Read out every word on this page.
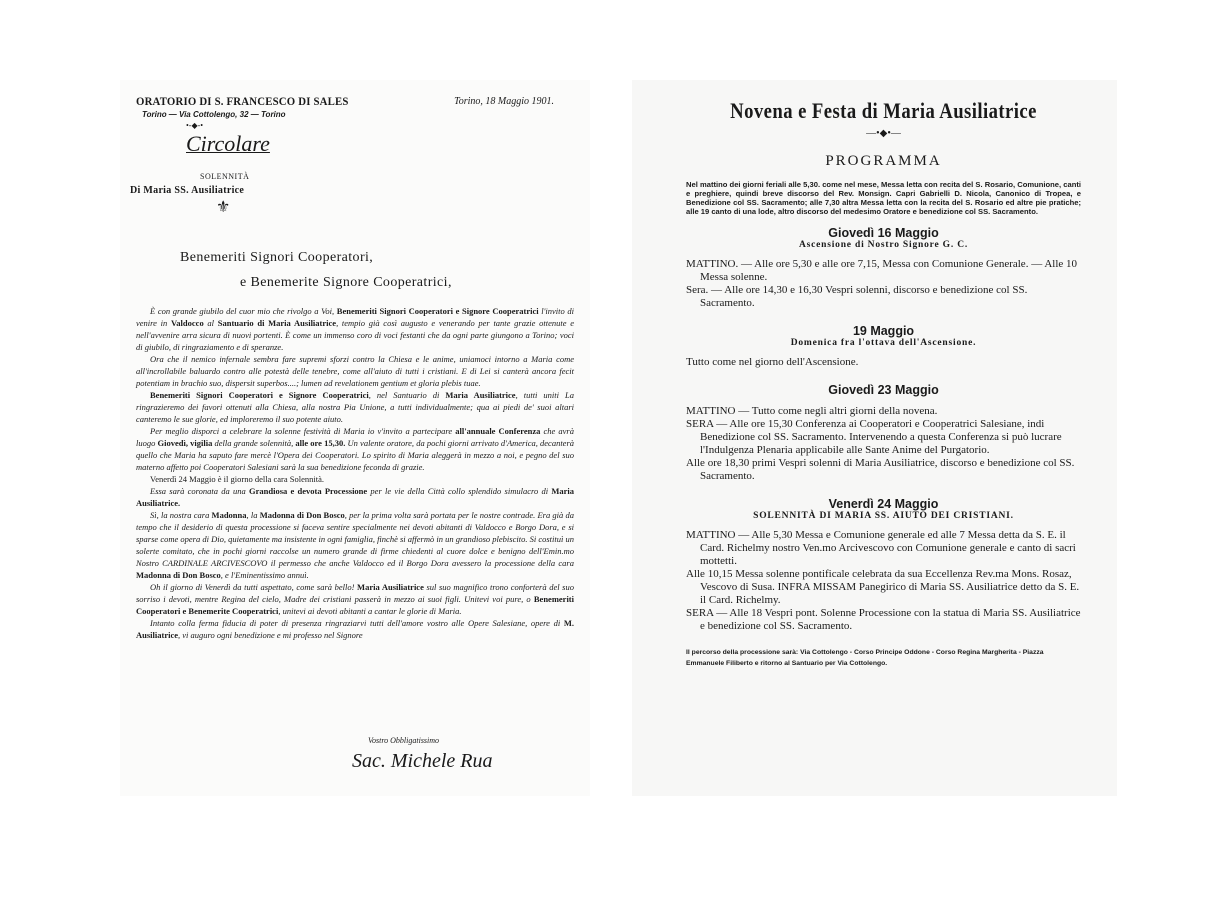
ORATORIO DI S. FRANCESCO DI SALES
Torino — Via Cottolengo, 32 — Torino
Torino, 18 Maggio 1901.
•-◆-•
Circolare
SOLENNITÀ
Di Maria SS. Ausiliatrice
⚜
Benemeriti Signori Cooperatori,
e Benemerite Signore Cooperatrici,

È con grande giubilo del cuor mio che rivolgo a Voi, Benemeriti Signori Cooperatori e Signore Cooperatrici l'invito di venire in Valdocco al Santuario di Maria Ausiliatrice, tempio già così augusto e venerando per tante grazie ottenute e nell'avvenire arra sicura di nuovi portenti. È come un immenso coro di voci festanti che da ogni parte giungono a Torino; voci di giubilo, di ringraziamento e di speranze.

Ora che il nemico infernale sembra fare supremi sforzi contro la Chiesa e le anime, uniamoci intorno a Maria come all'incrollabile baluardo contro alle potestà delle tenebre, come all'aiuto di tutti i cristiani. E di Lei si canterà ancora fecit potentiam in brachio suo, dispersit superbos....; lumen ad revelationem gentium et gloria plebis tuae.

Benemeriti Signori Cooperatori e Signore Cooperatrici, nel Santuario di Maria Ausiliatrice, tutti uniti La ringrazieremo dei favori ottenuti alla Chiesa, alla nostra Pia Unione, a tutti individualmente; qua ai piedi de' suoi altari canteremo le sue glorie, ed imploreremo il suo potente aiuto.

Per meglio disporci a celebrare la solenne festività di Maria io v'invito a partecipare all'annuale Conferenza che avrà luogo Giovedì, vigilia della grande solennità, alle ore 15,30. Un valente oratore, da pochi giorni arrivato d'America, decanterà quello che Maria ha saputo fare mercè l'Opera dei Cooperatori. Lo spirito di Maria aleggerà in mezzo a noi, e pegno del suo materno affetto poi Cooperatori Salesiani sarà la sua benedizione feconda di grazie.

Venerdì 24 Maggio è il giorno della cara Solennità.

Essa sarà coronata da una Grandiosa e devota Processione per le vie della Città collo splendido simulacro di Maria Ausiliatrice.

Sì, la nostra cara Madonna, la Madonna di Don Bosco, per la prima volta sarà portata per le nostre contrade. Era già da tempo che il desiderio di questa processione si faceva sentire specialmente nei devoti abitanti di Valdocco e Borgo Dora, e si sparse come opera di Dio, quietamente ma insistente in ogni famiglia, finchè si affermò in un grandioso plebiscito. Si costituì un solerte comitato, che in pochi giorni raccolse un numero grande di firme chiedenti al cuore dolce e benigno dell'Emin.mo Nostro CARDINALE ARCIVESCOVO il permesso che anche Valdocco ed il Borgo Dora avessero la processione della cara Madonna di Don Bosco, e l'Eminentissimo annuì.

Oh il giorno di Venerdì da tutti aspettato, come sarà bello! Maria Ausiliatrice sul suo magnifico trono conforterà del suo sorriso i devoti, mentre Regina del cielo, Madre dei cristiani passerà in mezzo ai suoi figli. Unitevi voi pure, o Benemeriti Cooperatori e Benemerite Cooperatrici, unitevi ai devoti abitanti a cantar le glorie di Maria.

Intanto colla ferma fiducia di poter di presenza ringraziarvi tutti dell'amore vostro alle Opere Salesiane, opere di M. Ausiliatrice, vi auguro ogni benedizione e mi professo nel Signore

Vostro Obbligatissimo
Sac. Michele Rua
Novena e Festa di Maria Ausiliatrice
—•◆•—
PROGRAMMA
Nel mattino dei giorni feriali alle 5,30. come nel mese, Messa letta con recita del S. Rosario, Comunione, canti e preghiere, quindi breve discorso del Rev. Monsign. Capri Gabrielli D. Nicola, Canonico di Tropea, e Benedizione col SS. Sacramento; alle 7,30 altra Messa letta con la recita del S. Rosario ed altre pie pratiche; alle 19 canto di una lode, altro discorso del medesimo Oratore e benedizione col SS. Sacramento.
Giovedì 16 Maggio
Ascensione di Nostro Signore G. C.

MATTINO. — Alle ore 5,30 e alle ore 7,15, Messa con Comunione Generale. — Alle 10 Messa solenne.

Sera. — Alle ore 14,30 e 16,30 Vespri solenni, discorso e benedizione col SS. Sacramento.

19 Maggio
Domenica fra l'ottava dell'Ascensione.

Tutto come nel giorno dell'Ascensione.

Giovedì 23 Maggio

MATTINO — Tutto come negli altri giorni della novena.

SERA — Alle ore 15,30 Conferenza ai Cooperatori e Cooperatrici Salesiane, indi Benedizione col SS. Sacramento. Intervenendo a questa Conferenza si può lucrare l'Indulgenza Plenaria applicabile alle Sante Anime del Purgatorio.

Alle ore 18,30 primi Vespri solenni di Maria Ausiliatrice, discorso e benedizione col SS. Sacramento.

Venerdì 24 Maggio
SOLENNITÀ DI MARIA SS. AIUTO DEI CRISTIANI.

MATTINO — Alle 5,30 Messa e Comunione generale ed alle 7 Messa detta da S. E. il Card. Richelmy nostro Ven.mo Arcivescovo con Comunione generale e canto di sacri mottetti.

Alle 10,15 Messa solenne pontificale celebrata da sua Eccellenza Rev.ma Mons. Rosaz, Vescovo di Susa. INFRA MISSAM Panegirico di Maria SS. Ausiliatrice detto da S. E. il Card. Richelmy.

SERA — Alle 18 Vespri pont. Solenne Processione con la statua di Maria SS. Ausiliatrice e benedizione col SS. Sacramento.

Il percorso della processione sarà: Via Cottolengo - Corso Principe Oddone - Corso Regina Margherita - Piazza Emmanuele Filiberto e ritorno al Santuario per Via Cottolengo.
